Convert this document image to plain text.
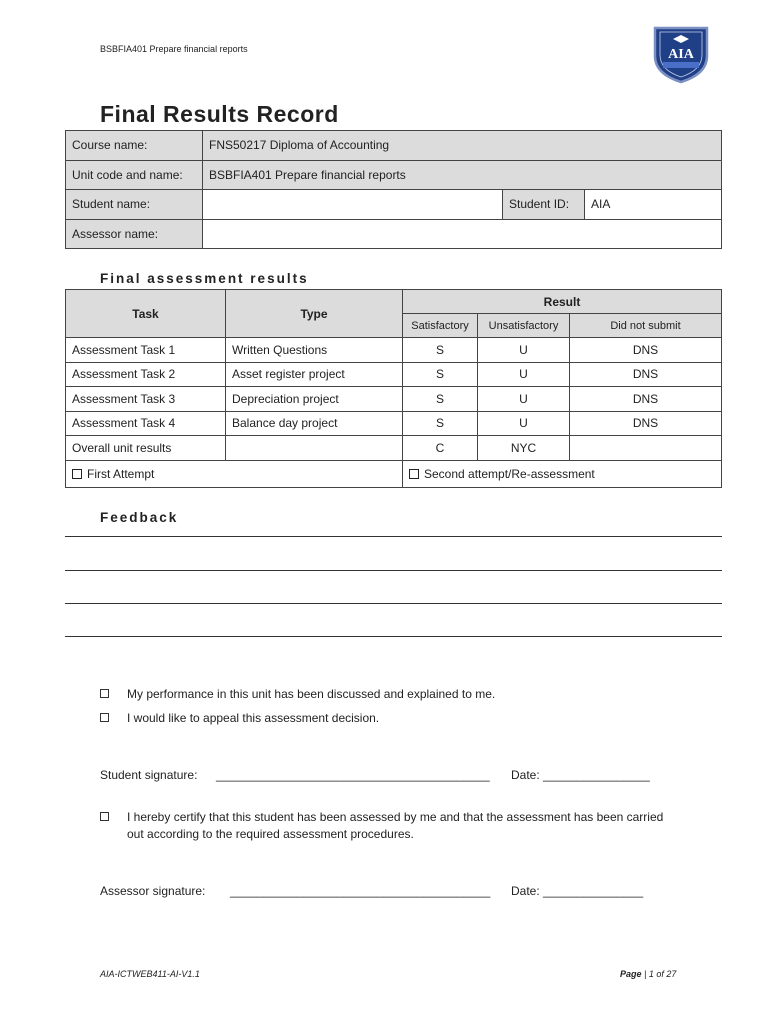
BSBFIA401 Prepare financial reports	AIA
Final Results Record
Course name:	FNS50217 Diploma of Accounting		
Unit code and name:	BSBFIA401 Prepare financial reports		
Student name:		Student ID:	AIA
Assessor name:			
Final assessment results
Task	Type	Result		
		Satisfactory	Unsatisfactory	Did not submit
Assessment Task 1	Written Questions	S	U	DNS
Assessment Task 2	Asset register project	S	U	DNS
Assessment Task 3	Depreciation project	S	U	DNS
Assessment Task 4	Balance day project	S	U	DNS
Overall unit results		C	NYC	
First Attempt		Second attempt/Re-assessment		
Feedback
My performance in this unit has been discussed and explained to me.
I would like to appeal this assessment decision.
Student signature: _________________________________________ Date: ________________
I hereby certify that this student has been assessed by me and that the assessment has been carried out according to the required assessment procedures.
Assessor signature: _______________________________________ Date: _______________
AIA-ICTWEB411-AI-V1.1	Page | 1 of 27
